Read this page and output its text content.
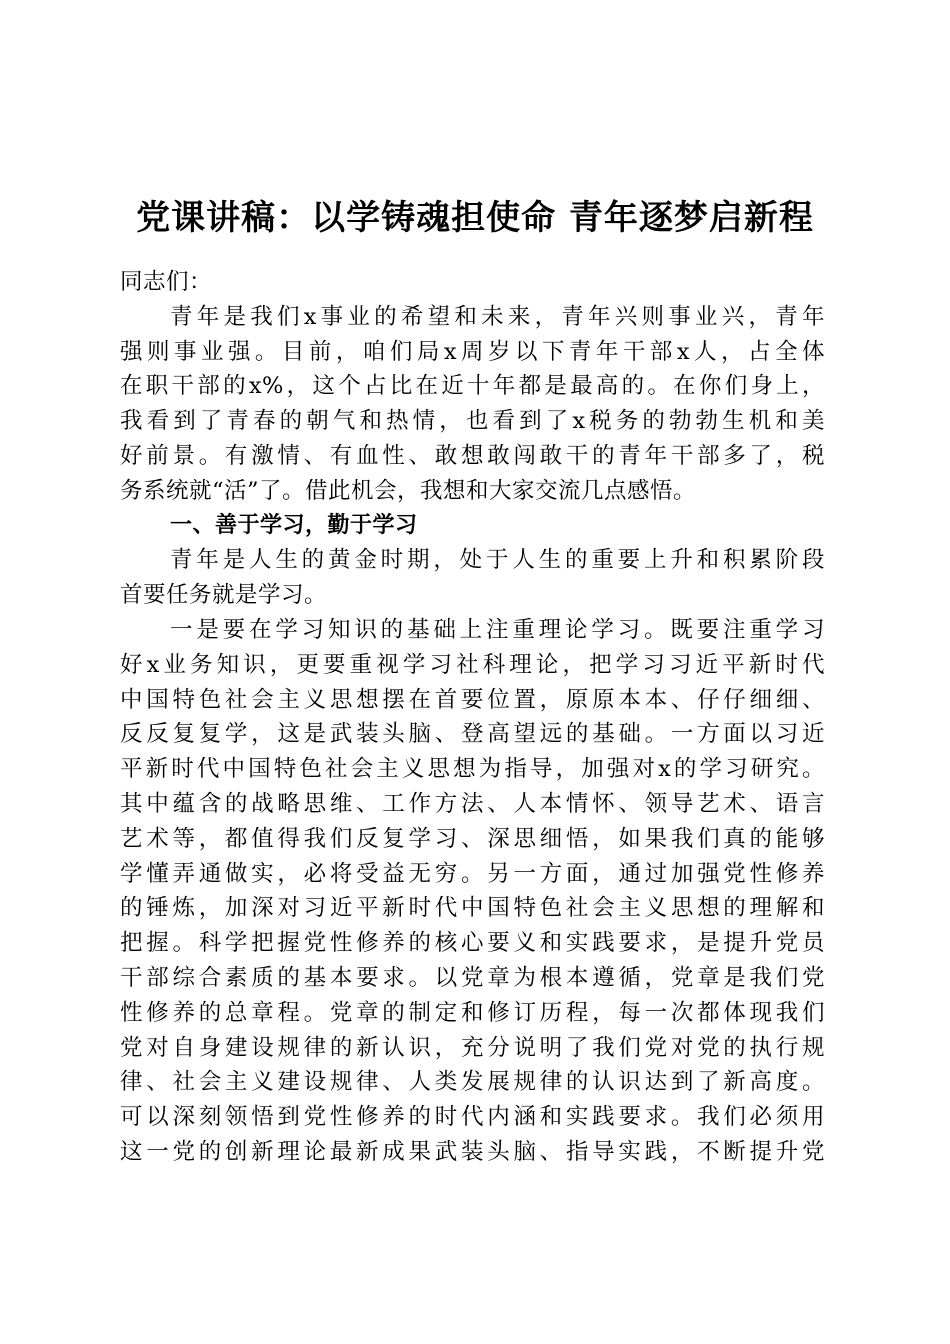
党课讲稿：以学铸魂担使命 青年逐梦启新程
同志们：
青年是我们x事业的希望和未来，青年兴则事业兴，青年
强则事业强。目前，咱们局x周岁以下青年干部x人，占全体
在职干部的x%，这个占比在近十年都是最高的。在你们身上，
我看到了青春的朝气和热情，也看到了x税务的勃勃生机和美
好前景。有激情、有血性、敢想敢闯敢干的青年干部多了，税
务系统就“活”了。借此机会，我想和大家交流几点感悟。
一、善于学习，勤于学习
青年是人生的黄金时期，处于人生的重要上升和积累阶段
首要任务就是学习。
一是要在学习知识的基础上注重理论学习。既要注重学习
好x业务知识，更要重视学习社科理论，把学习习近平新时代
中国特色社会主义思想摆在首要位置，原原本本、仔仔细细、
反反复复学，这是武装头脑、登高望远的基础。一方面以习近
平新时代中国特色社会主义思想为指导，加强对x的学习研究。
其中蕴含的战略思维、工作方法、人本情怀、领导艺术、语言
艺术等，都值得我们反复学习、深思细悟，如果我们真的能够
学懂弄通做实，必将受益无穷。另一方面，通过加强党性修养
的锤炼，加深对习近平新时代中国特色社会主义思想的理解和
把握。科学把握党性修养的核心要义和实践要求，是提升党员
干部综合素质的基本要求。以党章为根本遵循，党章是我们党
性修养的总章程。党章的制定和修订历程，每一次都体现我们
党对自身建设规律的新认识，充分说明了我们党对党的执行规
律、社会主义建设规律、人类发展规律的认识达到了新高度。
可以深刻领悟到党性修养的时代内涵和实践要求。我们必须用
这一党的创新理论最新成果武装头脑、指导实践，不断提升党
